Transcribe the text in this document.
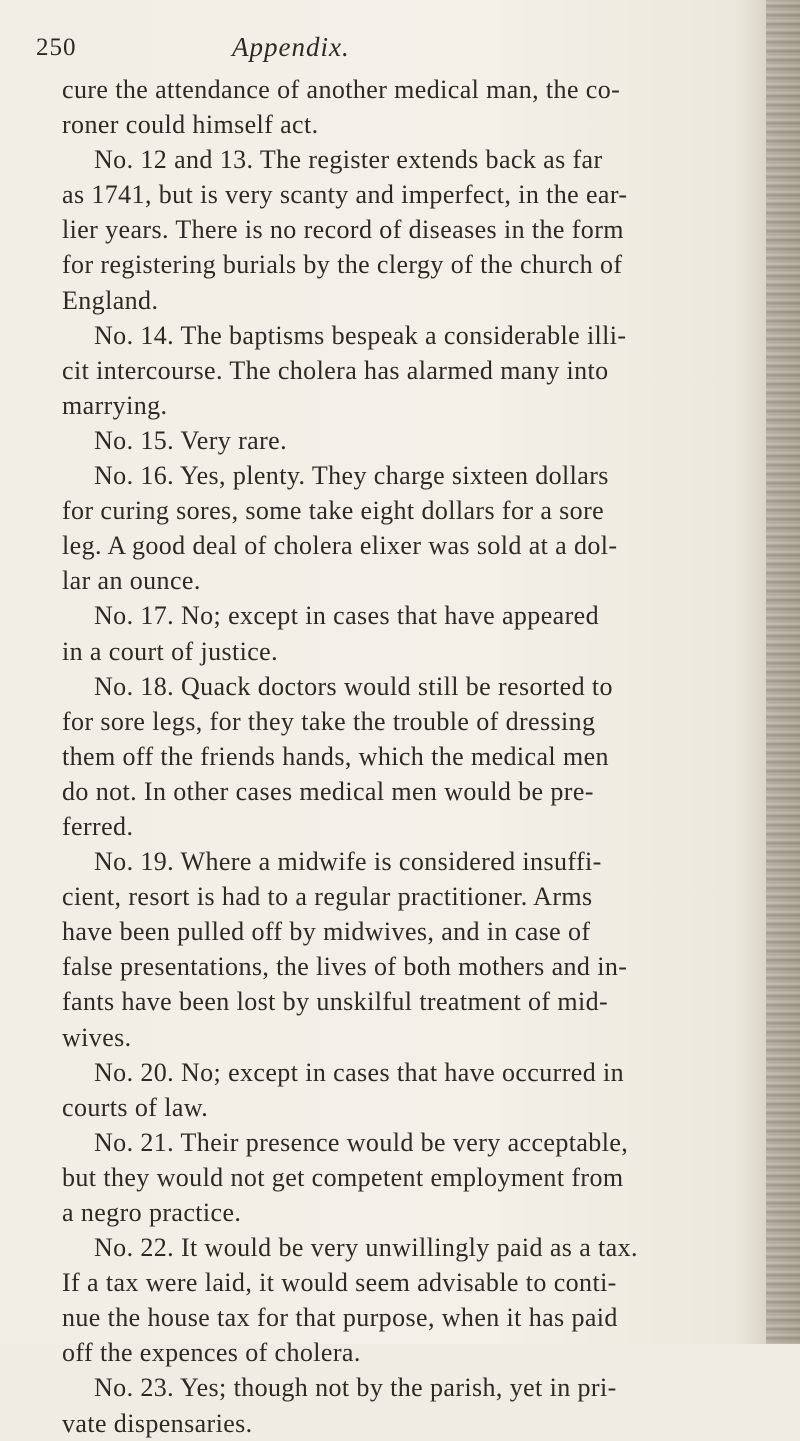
250	Appendix.
cure the attendance of another medical man, the co-
roner could himself act.
No. 12 and 13. The register extends back as far
as 1741, but is very scanty and imperfect, in the ear-
lier years. There is no record of diseases in the form
for registering burials by the clergy of the church of
England.
No. 14. The baptisms bespeak a considerable illi-
cit intercourse. The cholera has alarmed many into
marrying.
No. 15. Very rare.
No. 16. Yes, plenty. They charge sixteen dollars
for curing sores, some take eight dollars for a sore
leg. A good deal of cholera elixer was sold at a dol-
lar an ounce.
No. 17. No; except in cases that have appeared
in a court of justice.
No. 18. Quack doctors would still be resorted to
for sore legs, for they take the trouble of dressing
them off the friends hands, which the medical men
do not. In other cases medical men would be pre-
ferred.
No. 19. Where a midwife is considered insuffi-
cient, resort is had to a regular practitioner. Arms
have been pulled off by midwives, and in case of
false presentations, the lives of both mothers and in-
fants have been lost by unskilful treatment of mid-
wives.
No. 20. No; except in cases that have occurred in
courts of law.
No. 21. Their presence would be very acceptable,
but they would not get competent employment from
a negro practice.
No. 22. It would be very unwillingly paid as a tax.
If a tax were laid, it would seem advisable to conti-
nue the house tax for that purpose, when it has paid
off the expences of cholera.
No. 23. Yes; though not by the parish, yet in pri-
vate dispensaries.
